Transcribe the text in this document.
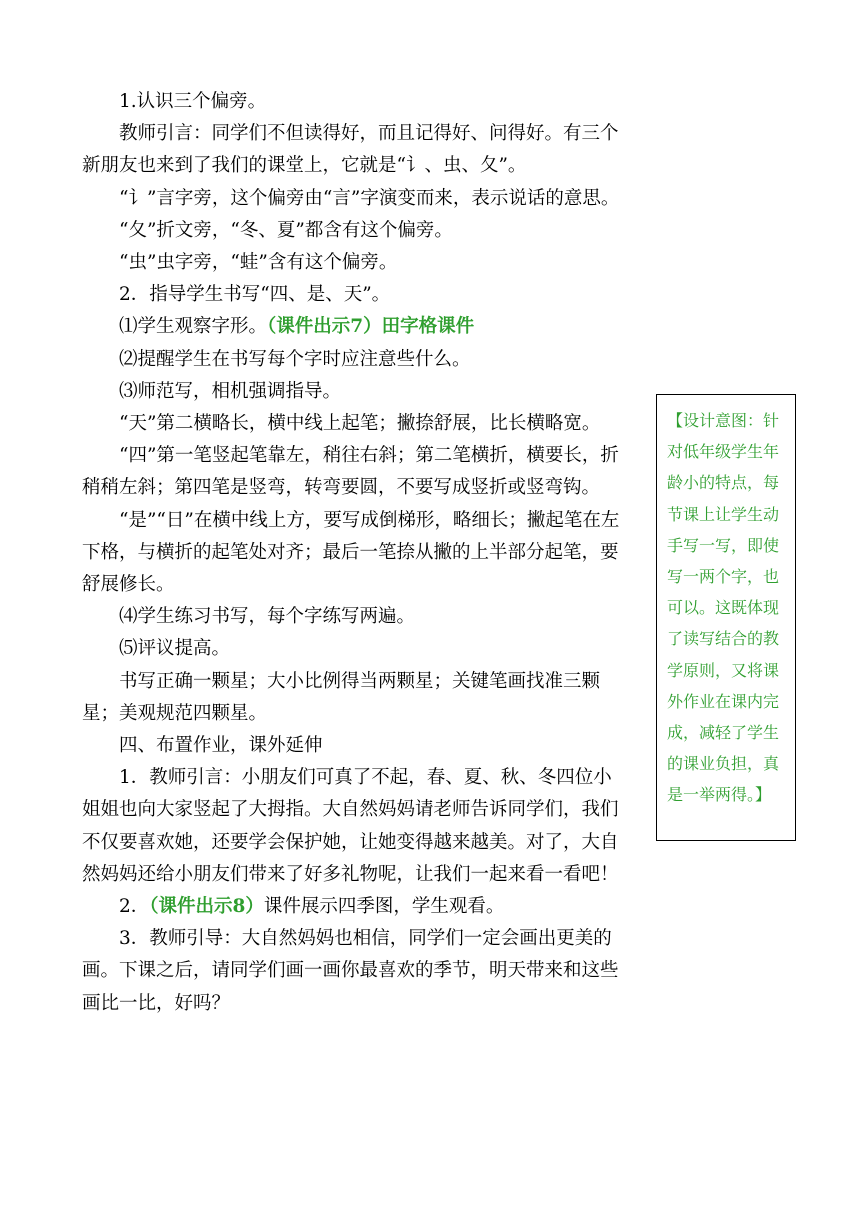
1.认识三个偏旁。

教师引言：同学们不但读得好，而且记得好、问得好。有三个新朋友也来到了我们的课堂上，它就是“讠、虫、夂”。

“讠”言字旁，这个偏旁由“言”字演变而来，表示说话的意思。

“夂”折文旁，“冬、夏”都含有这个偏旁。

“虫”虫字旁，“蛙”含有这个偏旁。

2．指导学生书写“四、是、天”。

⑴学生观察字形。（课件出示7）田字格课件

⑵提醒学生在书写每个字时应注意些什么。

⑶师范写，相机强调指导。

“天”第二横略长，横中线上起笔；撇捺舒展，比长横略宽。

“四”第一笔竖起笔靠左，稍往右斜；第二笔横折，横要长，折稍稍左斜；第四笔是竖弯，转弯要圆，不要写成竖折或竖弯钩。

“是”“日”在横中线上方，要写成倒梯形，略细长；撇起笔在左下格，与横折的起笔处对齐；最后一笔捺从撇的上半部分起笔，要舒展修长。

⑷学生练习书写，每个字练写两遍。

⑸评议提高。

书写正确一颗星；大小比例得当两颗星；关键笔画找准三颗星；美观规范四颗星。

四、布置作业，课外延伸

1．教师引言：小朋友们可真了不起，春、夏、秋、冬四位小姐姐也向大家竖起了大拇指。大自然妈妈请老师告诉同学们，我们不仅要喜欢她，还要学会保护她，让她变得越来越美。对了，大自然妈妈还给小朋友们带来了好多礼物呢，让我们一起来看一看吧！

2．（课件出示8）课件展示四季图，学生观看。

3．教师引导：大自然妈妈也相信，同学们一定会画出更美的画。下课之后，请同学们画一画你最喜欢的季节，明天带来和这些画比一比，好吗？

【设计意图：针对低年级学生年龄小的特点，每节课上让学生动手写一写，即使写一两个字，也可以。这既体现了读写结合的教学原则，又将课外作业在课内完成，减轻了学生的课业负担，真是一举两得。】
